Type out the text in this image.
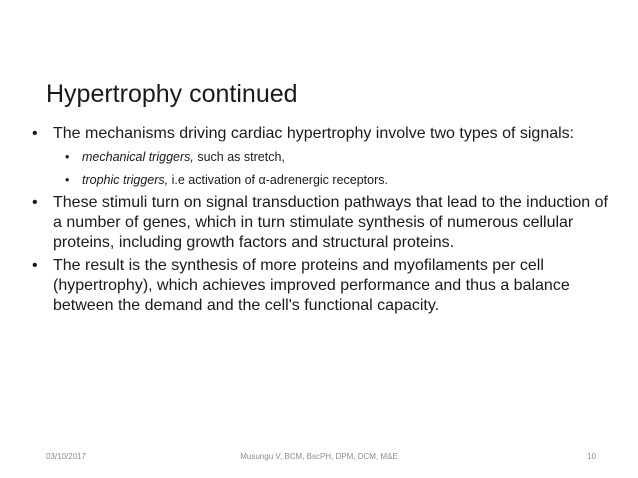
Hypertrophy continued
• The mechanisms driving cardiac hypertrophy involve two types of signals:
• mechanical triggers, such as stretch,
• trophic triggers, i.e activation of α-adrenergic receptors.
• These stimuli turn on signal transduction pathways that lead to the induction of a number of genes, which in turn stimulate synthesis of numerous cellular proteins, including growth factors and structural proteins.
• The result is the synthesis of more proteins and myofilaments per cell (hypertrophy), which achieves improved performance and thus a balance between the demand and the cell's functional capacity.
03/10/2017	Musungu V, BCM, BscPH, DPM, DCM, M&E	10
